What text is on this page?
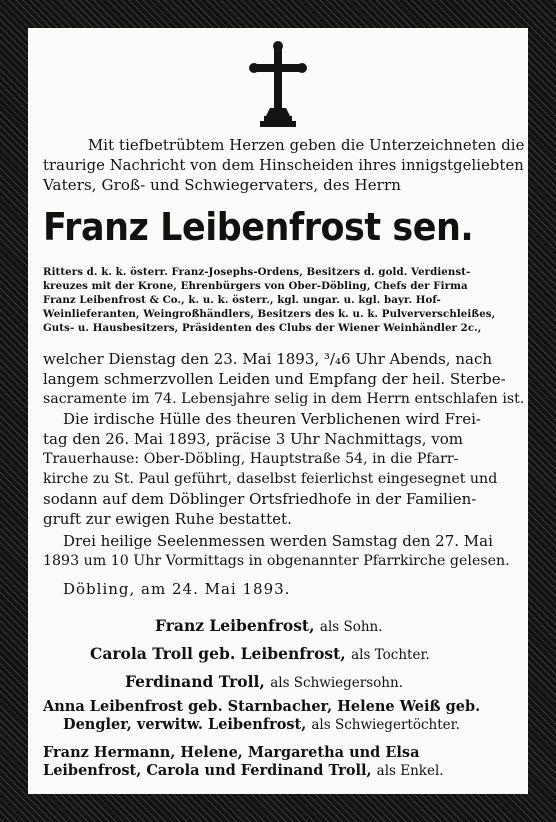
Mit tiefbetrübtem Herzen geben die Unterzeichneten die
traurige Nachricht von dem Hinscheiden ihres innigstgeliebten
Vaters, Groß- und Schwiegervaters, des Herrn
Franz Leibenfrost sen.
Ritters d. k. k. österr. Franz-Josephs-Ordens, Besitzers d. gold. Verdienst-
kreuzes mit der Krone, Ehrenbürgers von Ober-Döbling, Chefs der Firma
Franz Leibenfrost & Co., k. u. k. österr., kgl. ungar. u. kgl. bayr. Hof-
Weinlieferanten, Weingroßhändlers, Besitzers des k. u. k. Pulververschleißes,
Guts- u. Hausbesitzers, Präsidenten des Clubs der Wiener Weinhändler 2c.,
welcher Dienstag den 23. Mai 1893, ³/₄6 Uhr Abends, nach
langem schmerzvollen Leiden und Empfang der heil. Sterbe-
sacramente im 74. Lebensjahre selig in dem Herrn entschlafen ist.
Die irdische Hülle des theuren Verblichenen wird Frei-
tag den 26. Mai 1893, präcise 3 Uhr Nachmittags, vom
Trauerhause: Ober-Döbling, Hauptstraße 54, in die Pfarr-
kirche zu St. Paul geführt, daselbst feierlichst eingesegnet und
sodann auf dem Döblinger Ortsfriedhofe in der Familien-
gruft zur ewigen Ruhe bestattet.
Drei heilige Seelenmessen werden Samstag den 27. Mai
1893 um 10 Uhr Vormittags in obgenannter Pfarrkirche gelesen.
Döbling, am 24. Mai 1893.
Franz Leibenfrost, als Sohn.
Carola Troll geb. Leibenfrost, als Tochter.
Ferdinand Troll, als Schwiegersohn.
Anna Leibenfrost geb. Starnbacher, Helene Weiß geb.
Dengler, verwitw. Leibenfrost, als Schwiegertöchter.
Franz Hermann, Helene, Margaretha und Elsa
Leibenfrost, Carola und Ferdinand Troll, als Enkel.
